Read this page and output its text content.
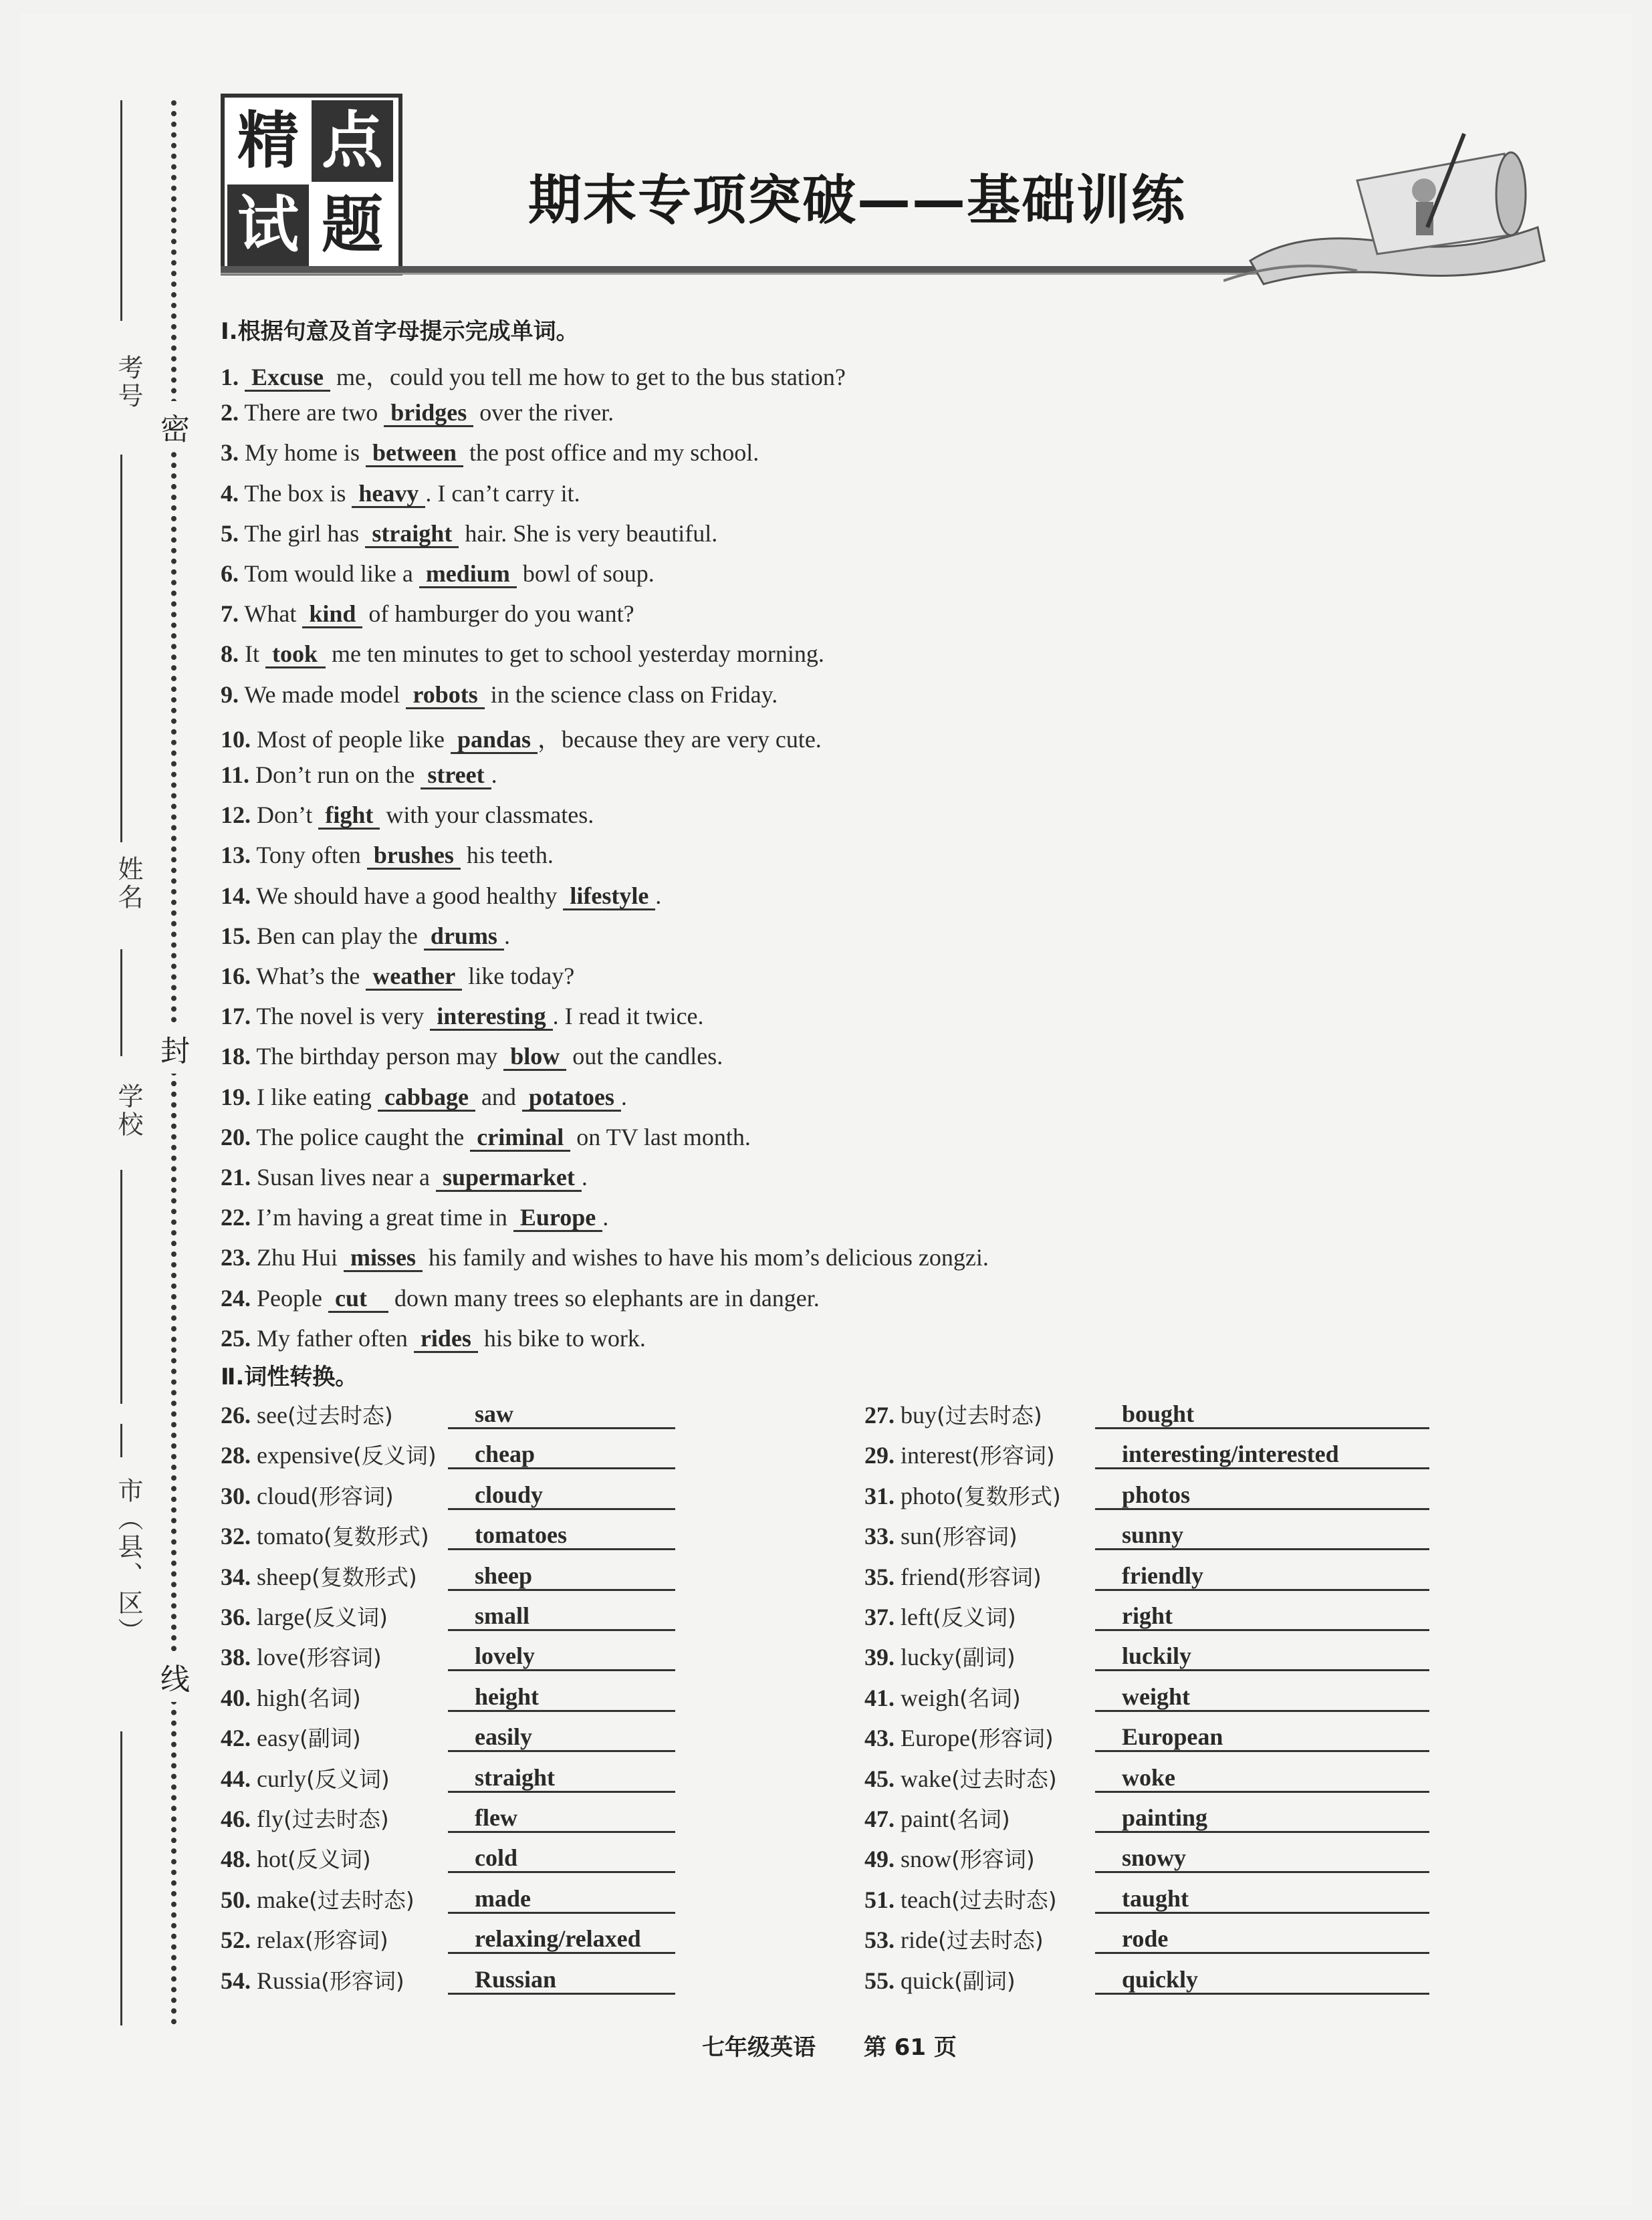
考号
姓名
学校
市（县、区）
密
封
线
精 点
试 题	期末专项突破——基础训练
Ⅰ.根据句意及首字母提示完成单词。
1. Excuse me，could you tell me how to get to the bus station?
2. There are two bridges over the river.
3. My home is between the post office and my school.
4. The box is heavy . I can’t carry it.
5. The girl has straight hair. She is very beautiful.
6. Tom would like a medium bowl of soup.
7. What kind of hamburger do you want?
8. It took me ten minutes to get to school yesterday morning.
9. We made model robots in the science class on Friday.
10. Most of people like pandas ，because they are very cute.
11. Don’t run on the street .
12. Don’t fight with your classmates.
13. Tony often brushes his teeth.
14. We should have a good healthy lifestyle .
15. Ben can play the drums .
16. What’s the weather like today?
17. The novel is very interesting . I read it twice.
18. The birthday person may blow out the candles.
19. I like eating cabbage and potatoes .
20. The police caught the criminal on TV last month.
21. Susan lives near a supermarket .
22. I’m having a great time in Europe .
23. Zhu Hui misses his family and wishes to have his mom’s delicious zongzi.
24. People cut down many trees so elephants are in danger.
25. My father often rides his bike to work.
Ⅱ.词性转换。
26. see(过去时态)	saw	27. buy(过去时态)	bought
28. expensive(反义词) cheap	29. interest(形容词)	interesting/interested
30. cloud(形容词)	cloudy	31. photo(复数形式)	photos
32. tomato(复数形式) tomatoes	33. sun(形容词)	sunny
34. sheep(复数形式) sheep	35. friend(形容词)	friendly
36. large(反义词)	small	37. left(反义词)	right
38. love(形容词)	lovely	39. lucky(副词)	luckily
40. high(名词)	height	41. weigh(名词)	weight
42. easy(副词)	easily	43. Europe(形容词)	European
44. curly(反义词)	straight	45. wake(过去时态)	woke
46. fly(过去时态)	flew	47. paint(名词)	painting
48. hot(反义词)	cold	49. snow(形容词)	snowy
50. make(过去时态)	made	51. teach(过去时态)	taught
52. relax(形容词)	relaxing/relaxed	53. ride(过去时态)	rode
54. Russia(形容词)	Russian	55. quick(副词)	quickly
七年级英语 第 61 页
